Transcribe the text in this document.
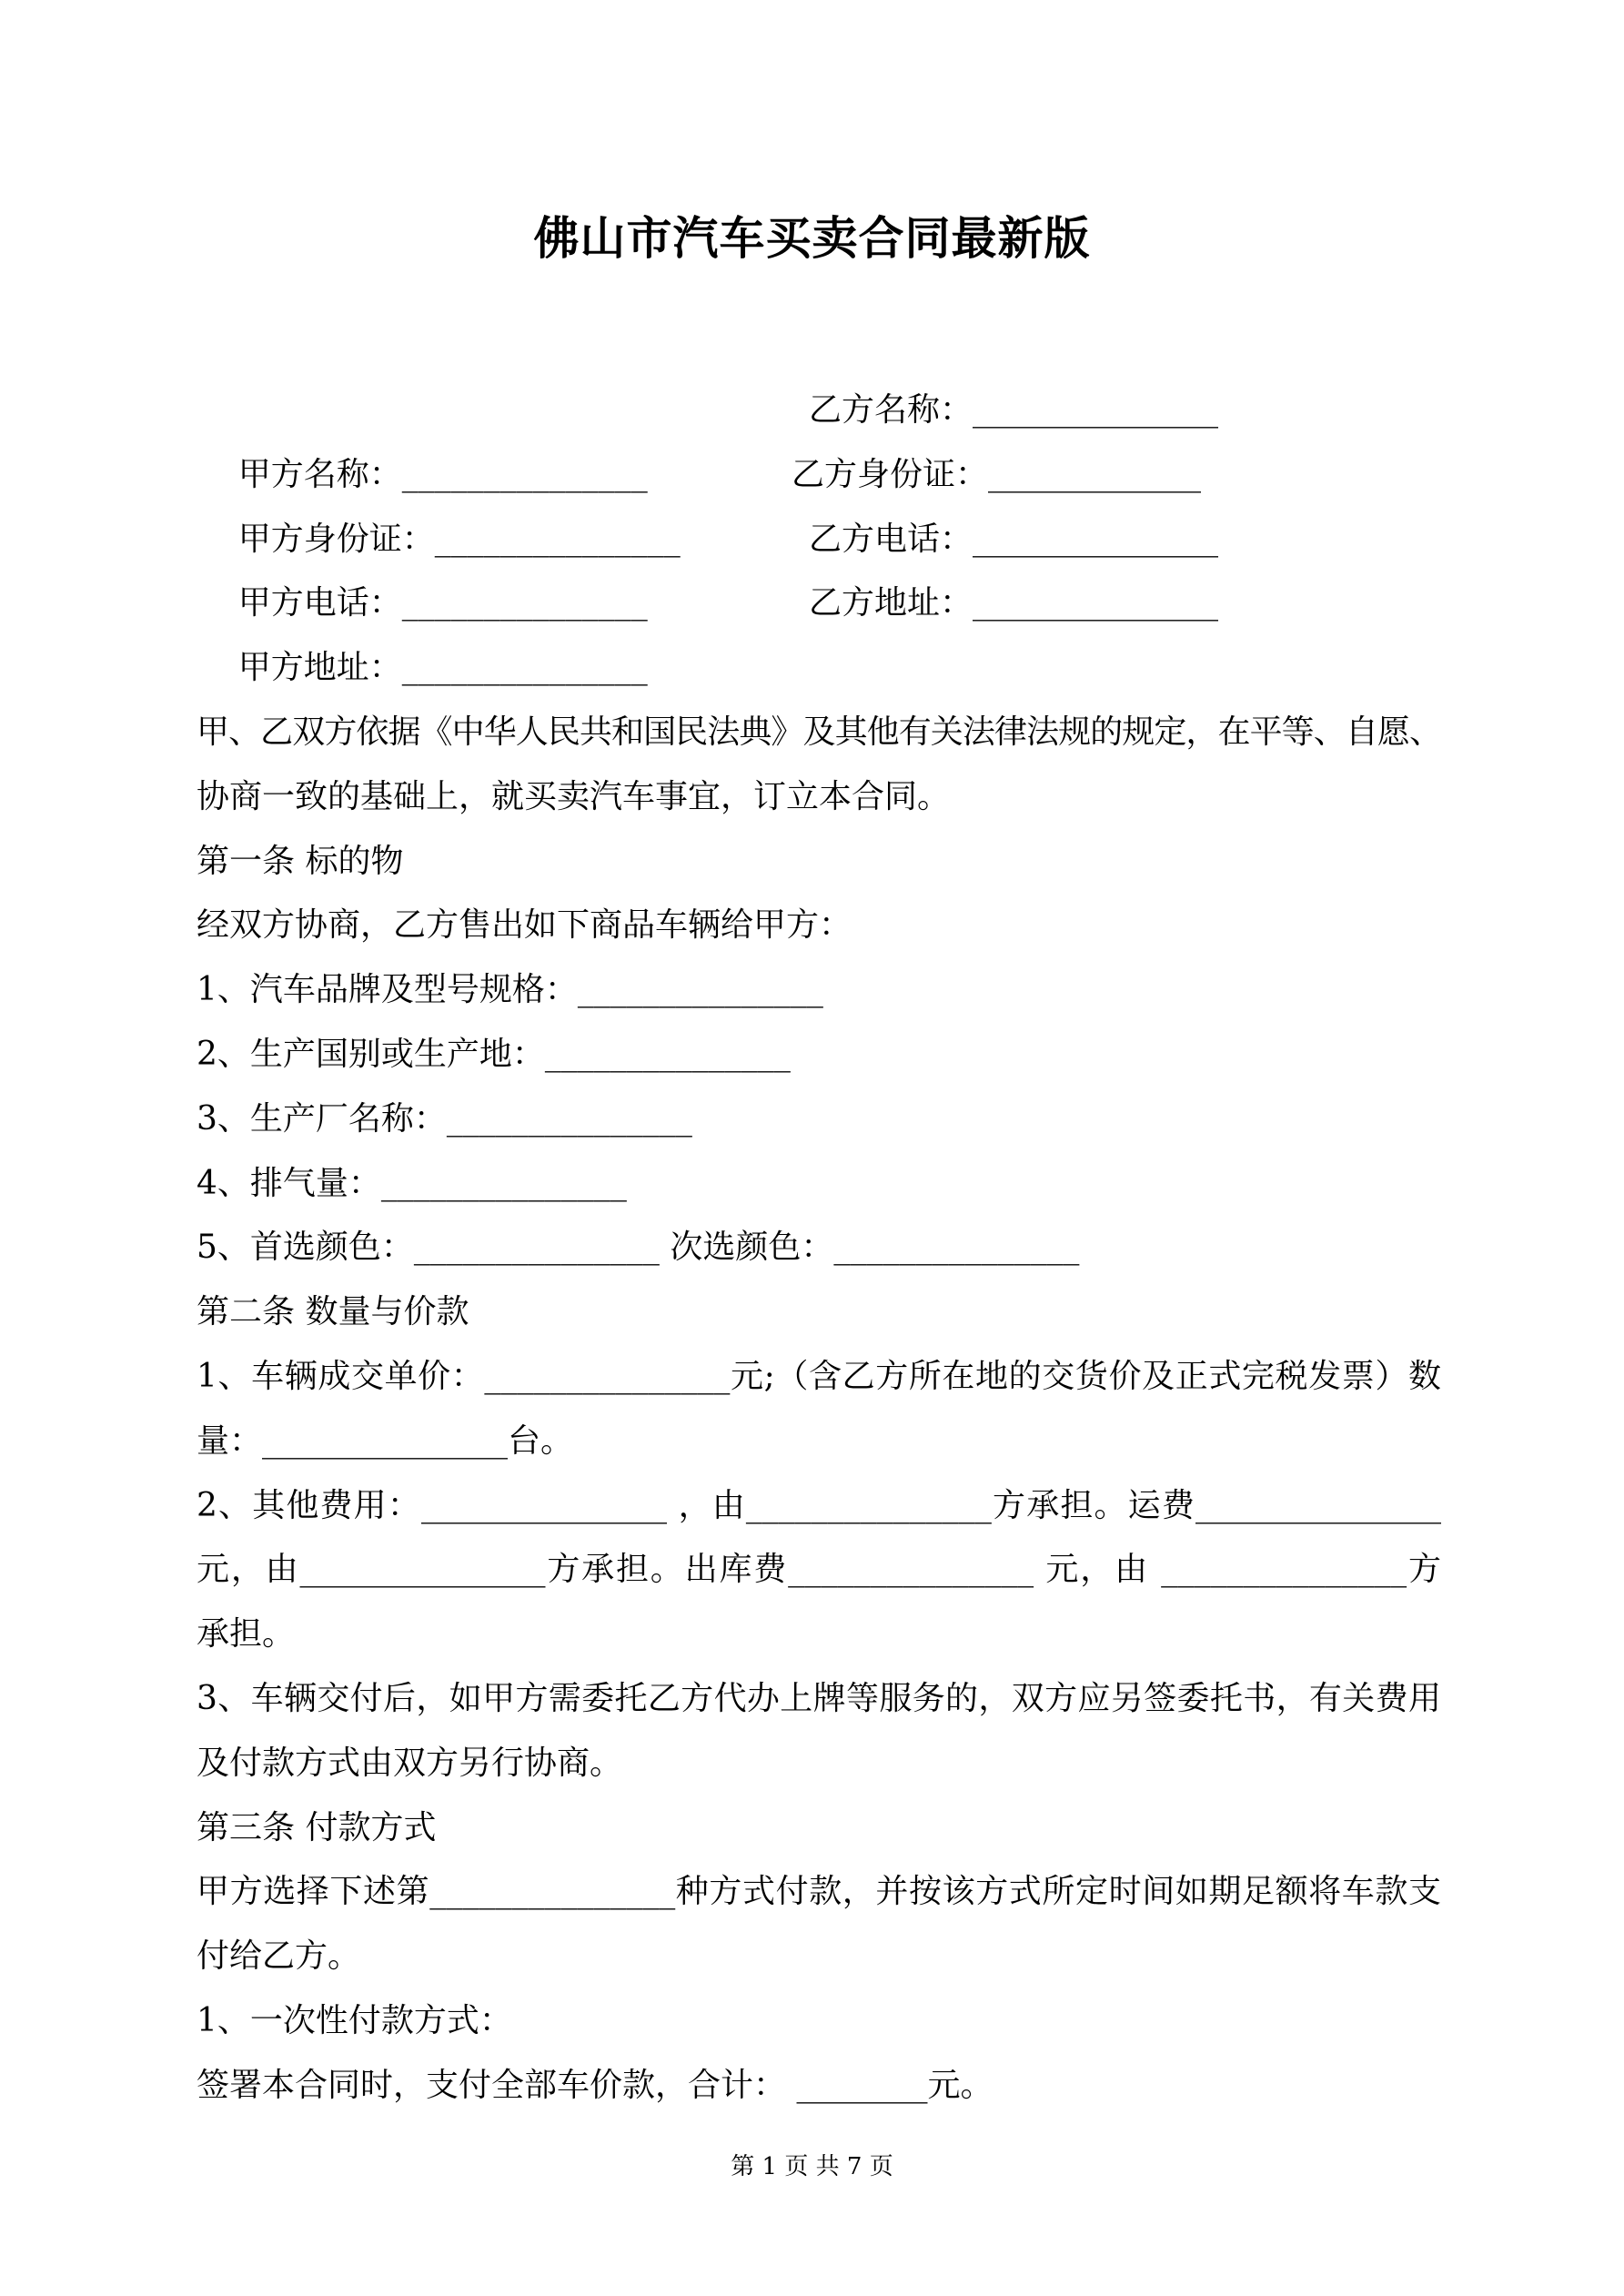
佛山市汽车买卖合同最新版

甲方名称：_______________

乙方名称：_______________

甲方身份证：_______________

乙方身份证：_____________

甲方电话：_______________

乙方电话：_______________

甲方地址：_______________

乙方地址：_______________

甲、乙双方依据《中华人民共和国民法典》及其他有关法律法规的规定，在平等、自愿、
协商一致的基础上，就买卖汽车事宜，订立本合同。
第一条 标的物
经双方协商，乙方售出如下商品车辆给甲方：
1、汽车品牌及型号规格：_______________
2、生产国别或生产地：_______________
3、生产厂名称：_______________
4、排气量：_______________
5、首选颜色：_______________ 次选颜色：_______________
第二条 数量与价款
1、车辆成交单价：_______________元;（含乙方所在地的交货价及正式完税发票）数
量：_______________台。
2、其他费用：_______________ ，由_______________方承担。运费_______________
元，由_______________方承担。出库费_______________ 元，由 _______________方
承担。
3、车辆交付后，如甲方需委托乙方代办上牌等服务的，双方应另签委托书，有关费用
及付款方式由双方另行协商。
第三条 付款方式
甲方选择下述第_______________种方式付款，并按该方式所定时间如期足额将车款支
付给乙方。
1、一次性付款方式：
签署本合同时，支付全部车价款，合计： ________元。
第 1 页 共 7 页
